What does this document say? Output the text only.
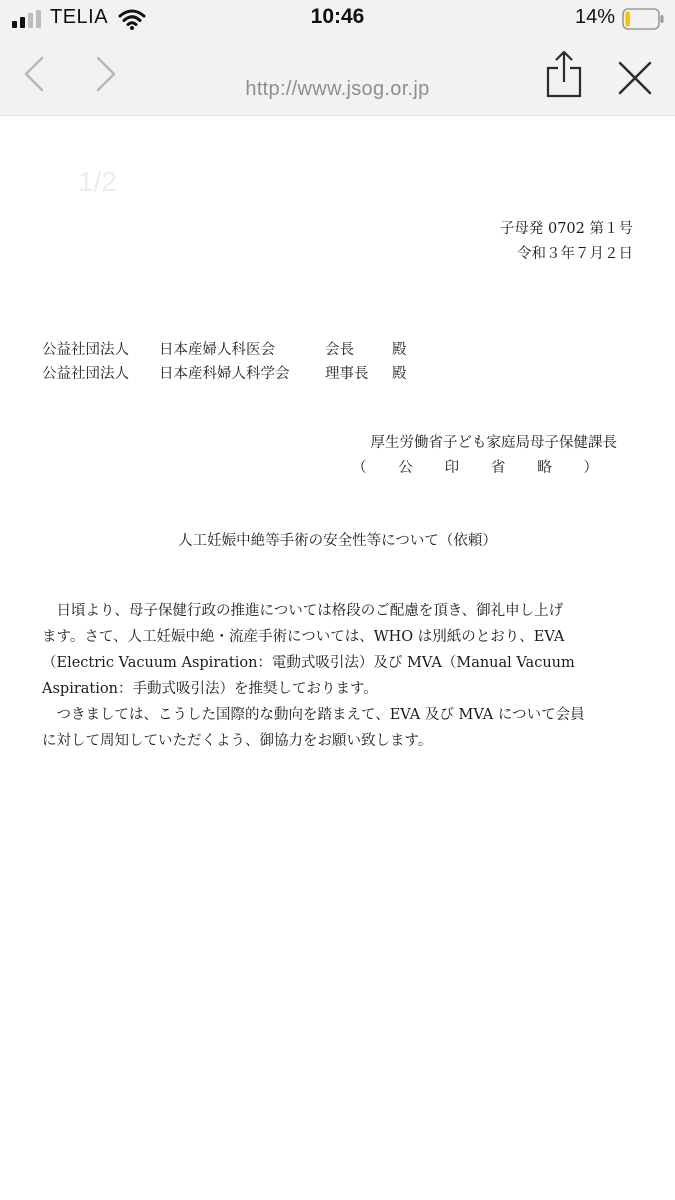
TELIA	10:46	14%
http://www.jsog.or.jp
1/2
子母発 0702 第１号
令和３年７月２日
公益社団法人 日本産婦人科医会	会長	殿
公益社団法人 日本産科婦人科学会 理事長 殿
厚生労働省子ども家庭局母子保健課長
（ 公 印 省 略 ）
人工妊娠中絶等手術の安全性等について（依頼）
　日頃より、母子保健行政の推進については格段のご配慮を頂き、御礼申し上げ
ます。さて、人工妊娠中絶・流産手術については、WHO は別紙のとおり、EVA
（Electric Vacuum Aspiration：電動式吸引法）及び MVA（Manual Vacuum
Aspiration：手動式吸引法）を推奨しております。
　つきましては、こうした国際的な動向を踏まえて、EVA 及び MVA について会員
に対して周知していただくよう、御協力をお願い致します。
